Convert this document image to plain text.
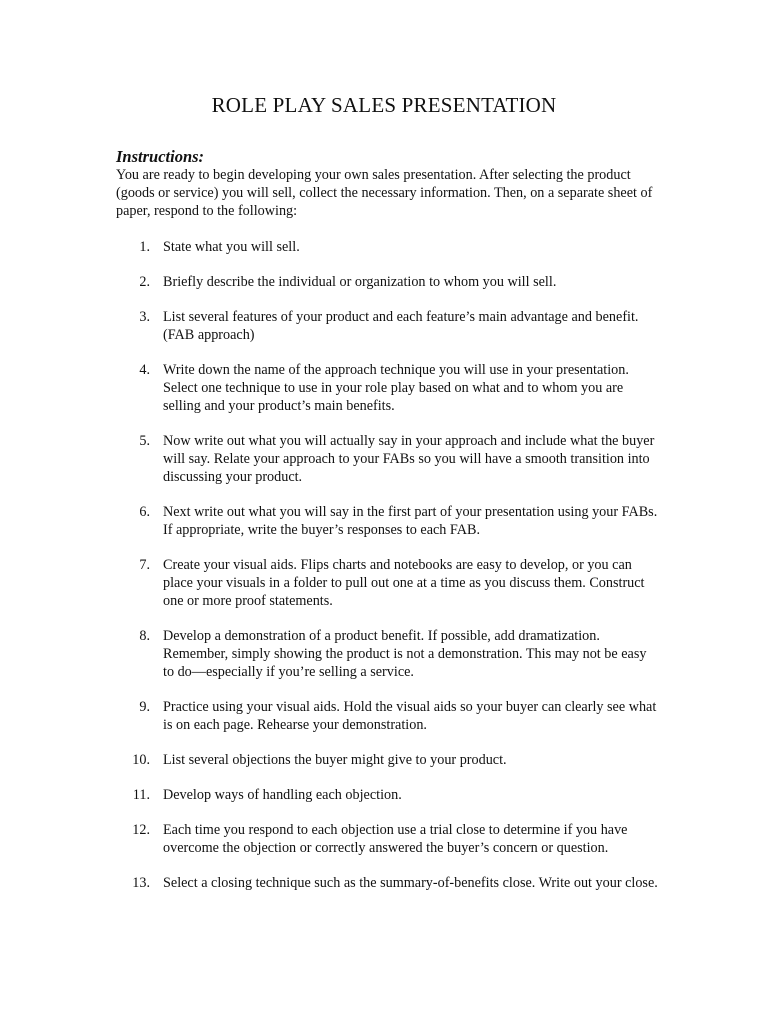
ROLE PLAY SALES PRESENTATION
Instructions:

You are ready to begin developing your own sales presentation. After selecting the product (goods or service) you will sell, collect the necessary information. Then, on a separate sheet of paper, respond to the following:

1. State what you will sell.
2. Briefly describe the individual or organization to whom you will sell.
3. List several features of your product and each feature’s main advantage and benefit. (FAB approach)
4. Write down the name of the approach technique you will use in your presentation. Select one technique to use in your role play based on what and to whom you are selling and your product’s main benefits.
5. Now write out what you will actually say in your approach and include what the buyer will say. Relate your approach to your FABs so you will have a smooth transition into discussing your product.
6. Next write out what you will say in the first part of your presentation using your FABs. If appropriate, write the buyer’s responses to each FAB.
7. Create your visual aids. Flips charts and notebooks are easy to develop, or you can place your visuals in a folder to pull out one at a time as you discuss them. Construct one or more proof statements.
8. Develop a demonstration of a product benefit. If possible, add dramatization. Remember, simply showing the product is not a demonstration. This may not be easy to do—especially if you’re selling a service.
9. Practice using your visual aids. Hold the visual aids so your buyer can clearly see what is on each page. Rehearse your demonstration.
10. List several objections the buyer might give to your product.
11. Develop ways of handling each objection.
12. Each time you respond to each objection use a trial close to determine if you have overcome the objection or correctly answered the buyer’s concern or question.
13. Select a closing technique such as the summary-of-benefits close. Write out your close.
